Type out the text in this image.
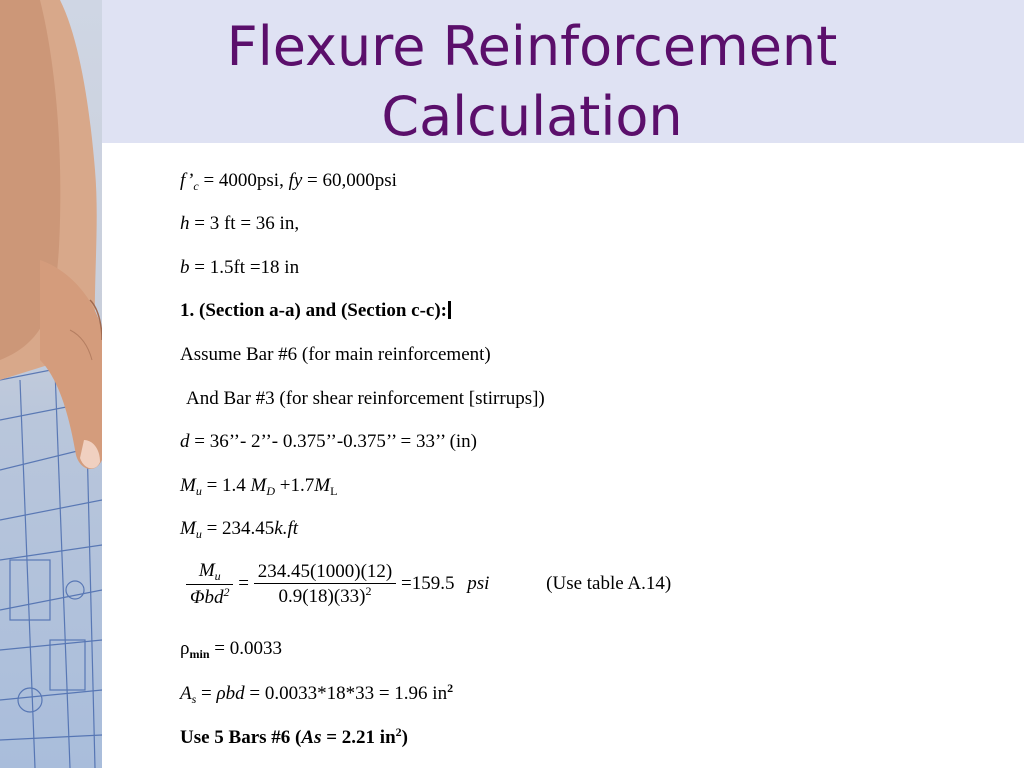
Flexure Reinforcement
Calculation
$f’_c = 4000psi$, fy = 60,000psi
h = 3 ft = 36 in,
b = 1.5ft =18 in
1. (Section a-a) and (Section c-c):
Assume Bar #6 (for main reinforcement)
And Bar #3 (for shear reinforcement [stirrups])
d = 36’’- 2’’- 0.375’’-0.375’’ = 33’’ (in)
$M_u = 1.4$ $M_D +1.7M_L$
$M_u = 234.45k.ft$
$\frac{M_u}{\Phi bd^2} = \frac{234.45(1000)(12)}{0.9(18)(33)^2} =159.5$ psi	(Use table A.14)
$\rho_{min} = 0.0033$
$A_s = \rho bd = 0.0033*18*33 = 1.96$ $in^2$
Use 5 Bars #6 (As = 2.21 $in^2$)
